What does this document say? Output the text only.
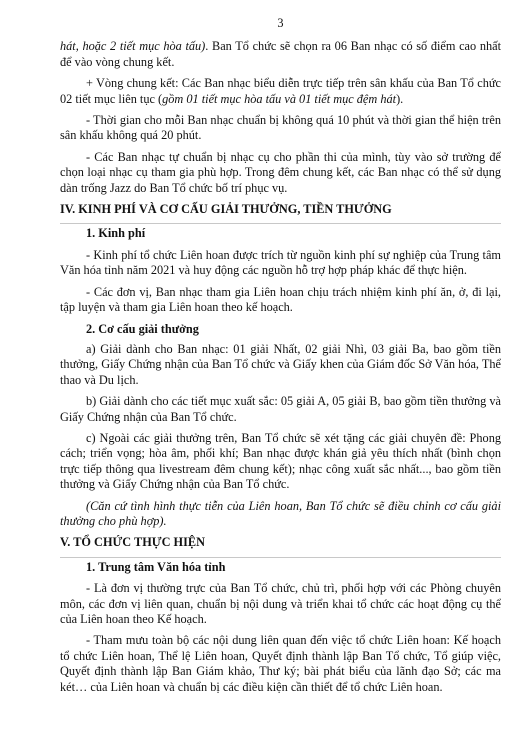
3

hát, hoặc 2 tiết mục hòa tấu). Ban Tổ chức sẽ chọn ra 06 Ban nhạc có số điểm cao nhất để vào vòng chung kết.

+ Vòng chung kết: Các Ban nhạc biểu diễn trực tiếp trên sân khấu của Ban Tổ chức 02 tiết mục liên tục (gồm 01 tiết mục hòa tấu và 01 tiết mục đệm hát).

- Thời gian cho mỗi Ban nhạc chuẩn bị không quá 10 phút và thời gian thể hiện trên sân khấu không quá 20 phút.

- Các Ban nhạc tự chuẩn bị nhạc cụ cho phần thi của mình, tùy vào sở trường để chọn loại nhạc cụ tham gia phù hợp. Trong đêm chung kết, các Ban nhạc có thể sử dụng dàn trống Jazz do Ban Tổ chức bố trí phục vụ.

IV. KINH PHÍ VÀ CƠ CẤU GIẢI THƯỞNG, TIỀN THƯỞNG
1. Kinh phí

- Kinh phí tổ chức Liên hoan được trích từ nguồn kinh phí sự nghiệp của Trung tâm Văn hóa tỉnh năm 2021 và huy động các nguồn hỗ trợ hợp pháp khác để thực hiện.

- Các đơn vị, Ban nhạc tham gia Liên hoan chịu trách nhiệm kinh phí ăn, ở, đi lại, tập luyện và tham gia Liên hoan theo kế hoạch.

2. Cơ cấu giải thưởng

a) Giải dành cho Ban nhạc: 01 giải Nhất, 02 giải Nhì, 03 giải Ba, bao gồm tiền thưởng, Giấy Chứng nhận của Ban Tổ chức và Giấy khen của Giám đốc Sở Văn hóa, Thể thao và Du lịch.

b) Giải dành cho các tiết mục xuất sắc: 05 giải A, 05 giải B, bao gồm tiền thưởng và Giấy Chứng nhận của Ban Tổ chức.

c) Ngoài các giải thưởng trên, Ban Tổ chức sẽ xét tặng các giải chuyên đề: Phong cách; triển vọng; hòa âm, phối khí; Ban nhạc được khán giả yêu thích nhất (bình chọn trực tiếp thông qua livestream đêm chung kết); nhạc công xuất sắc nhất..., bao gồm tiền thưởng và Giấy Chứng nhận của Ban Tổ chức.

(Căn cứ tình hình thực tiễn của Liên hoan, Ban Tổ chức sẽ điều chỉnh cơ cấu giải thưởng cho phù hợp).

V. TỔ CHỨC THỰC HIỆN
1. Trung tâm Văn hóa tỉnh

- Là đơn vị thường trực của Ban Tổ chức, chủ trì, phối hợp với các Phòng chuyên môn, các đơn vị liên quan, chuẩn bị nội dung và triển khai tổ chức các hoạt động cụ thể của Liên hoan theo Kế hoạch.

- Tham mưu toàn bộ các nội dung liên quan đến việc tổ chức Liên hoan: Kế hoạch tổ chức Liên hoan, Thể lệ Liên hoan, Quyết định thành lập Ban Tổ chức, Tổ giúp việc, Quyết định thành lập Ban Giám khảo, Thư ký; bài phát biểu của lãnh đạo Sở; các ma két… của Liên hoan và chuẩn bị các điều kiện cần thiết để tổ chức Liên hoan.
